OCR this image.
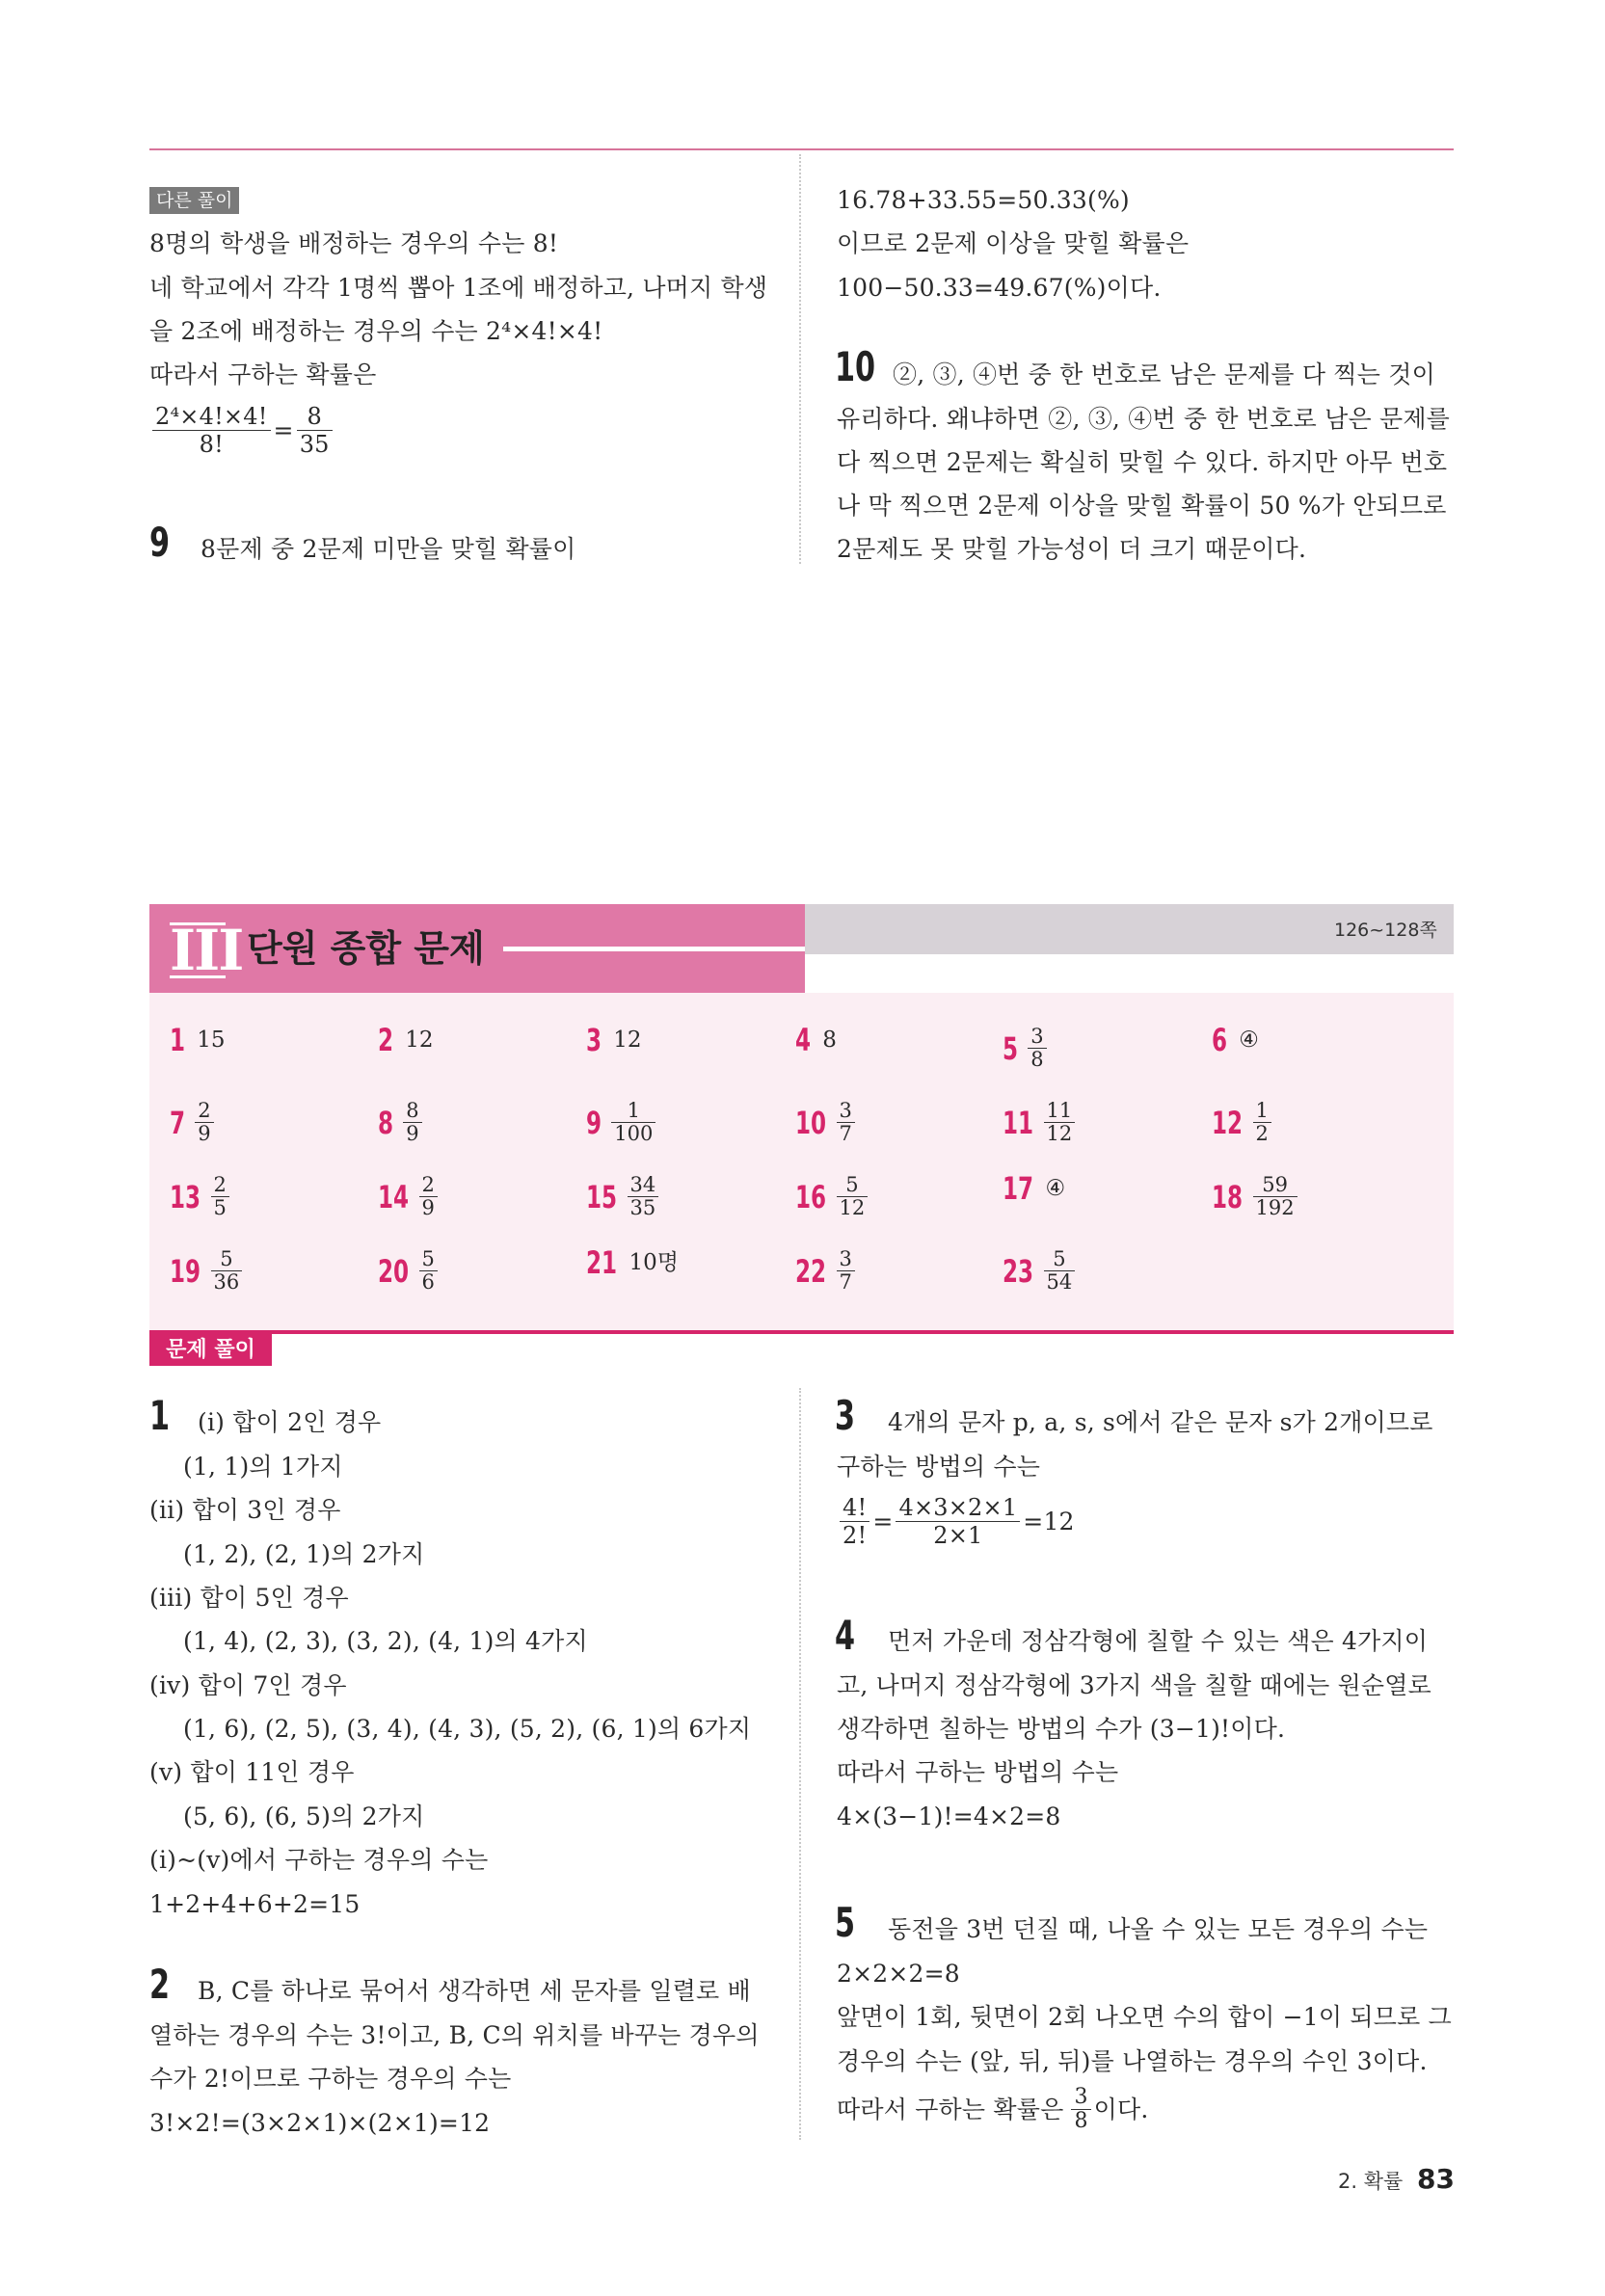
다른 풀이
8명의 학생을 배정하는 경우의 수는 8!
네 학교에서 각각 1명씩 뽑아 1조에 배정하고, 나머지 학생
을 2조에 배정하는 경우의 수는 2⁴×4!×4!
따라서 구하는 확률은
$\frac{\text{2⁴×4!×4!}}{8!} = \frac{8}{35}$
9 8문제 중 2문제 미만을 맞힐 확률이
16.78+33.55=50.33(%)
이므로 2문제 이상을 맞힐 확률은
100−50.33=49.67(%)이다.
10 ②, ③, ④번 중 한 번호로 남은 문제를 다 찍는 것이
유리하다. 왜냐하면 ②, ③, ④번 중 한 번호로 남은 문제를
다 찍으면 2문제는 확실히 맞힐 수 있다. 하지만 아무 번호
나 막 찍으면 2문제 이상을 맞힐 확률이 50 %가 안되므로
2문제도 못 맞힐 가능성이 더 크기 때문이다.
III 단원 종합 문제	126~128쪽
1 15	2 12	3 12	4 8	$5 \frac{3}{8}$	6 ④
$7 \frac{2}{9}$	$8 \frac{8}{9}$	$9 \frac{1}{100}$	$10 \frac{3}{7}$	$11 \frac{11}{12}$	$12 \frac{1}{2}$
$13 \frac{2}{5}$	$14 \frac{2}{9}$	$15 \frac{34}{35}$	$16 \frac{5}{12}$	17 ④	$18 \frac{59}{192}$
$19 \frac{5}{36}$	$20 \frac{5}{6}$	21 10명	$22 \frac{3}{7}$	$23 \frac{5}{54}$
문제 풀이
1 (i) 합이 2인 경우
(1, 1)의 1가지
(ii) 합이 3인 경우
(1, 2), (2, 1)의 2가지
(iii) 합이 5인 경우
(1, 4), (2, 3), (3, 2), (4, 1)의 4가지
(iv) 합이 7인 경우
(1, 6), (2, 5), (3, 4), (4, 3), (5, 2), (6, 1)의 6가지
(v) 합이 11인 경우
(5, 6), (6, 5)의 2가지
(i)~(v)에서 구하는 경우의 수는
1+2+4+6+2=15
2 B, C를 하나로 묶어서 생각하면 세 문자를 일렬로 배
열하는 경우의 수는 3!이고, B, C의 위치를 바꾸는 경우의
수가 2!이므로 구하는 경우의 수는
3!×2!=(3×2×1)×(2×1)=12
3 4개의 문자 p, a, s, s에서 같은 문자 s가 2개이므로
구하는 방법의 수는
$\frac{4!}{2!} = \frac{4\times 3\times 2\times 1}{2\times 1} =12$
4 먼저 가운데 정삼각형에 칠할 수 있는 색은 4가지이
고, 나머지 정삼각형에 3가지 색을 칠할 때에는 원순열로
생각하면 칠하는 방법의 수가 (3−1)!이다.
따라서 구하는 방법의 수는
4×(3−1)!=4×2=8
5 동전을 3번 던질 때, 나올 수 있는 모든 경우의 수는
2×2×2=8
앞면이 1회, 뒷면이 2회 나오면 수의 합이 −1이 되므로 그
경우의 수는 (앞, 뒤, 뒤)를 나열하는 경우의 수인 3이다.
따라서 구하는 확률은 $\frac{3}{8}$ 이다.
2. 확률 83
